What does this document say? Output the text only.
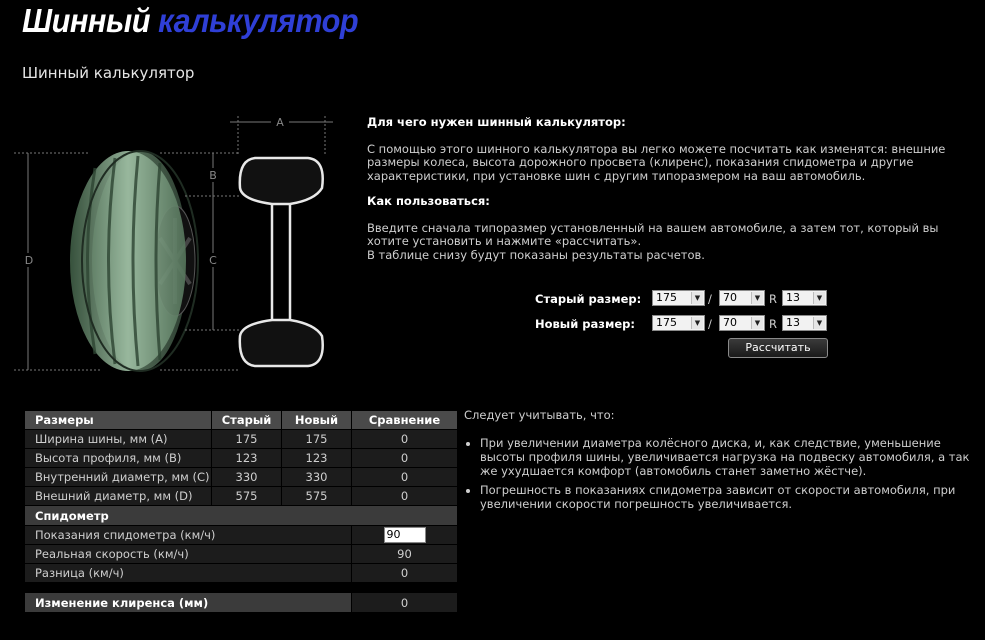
Шинный калькулятор
Шинный калькулятор
A
B
C
D
Для чего нужен шинный калькулятор:

С помощью этого шинного калькулятора вы легко можете посчитать как изменятся: внешние размеры колеса, высота дорожного просвета (клиренс), показания спидометра и другие характеристики, при установке шин с другим типоразмером на ваш автомобиль.

Как пользоваться:

Введите сначала типоразмер установленный на вашем автомобиле, а затем тот, который вы хотите установить и нажмите «рассчитать».

В таблице снизу будут показаны результаты расчетов.

Старый размер:	175	▼ /	70	▼ R 13	▼
Новый размер:	175	▼ /	70	▼ R 13	▼
Рассчитать
Размеры	Старый	Новый	Сравнение
Ширина шины, мм (A)	175	175	0
Высота профиля, мм (B)	123	123	0
Внутренний диаметр, мм (C)	330	330	0
Внешний диаметр, мм (D)	575	575	0
Спидометр			
Показания спидометра (км/ч)			90
Реальная скорость (км/ч)			90
Разница (км/ч)			0

Изменение клиренса (мм)			0
Следует учитывать, что:
• При увеличении диаметра колёсного диска, и, как следствие, уменьшение высоты профиля шины, увеличивается нагрузка на подвеску автомобиля, а так же ухудшается комфорт (автомобиль станет заметно жёстче).
• Погрешность в показаниях спидометра зависит от скорости автомобиля, при увеличении скорости погрешность увеличивается.
